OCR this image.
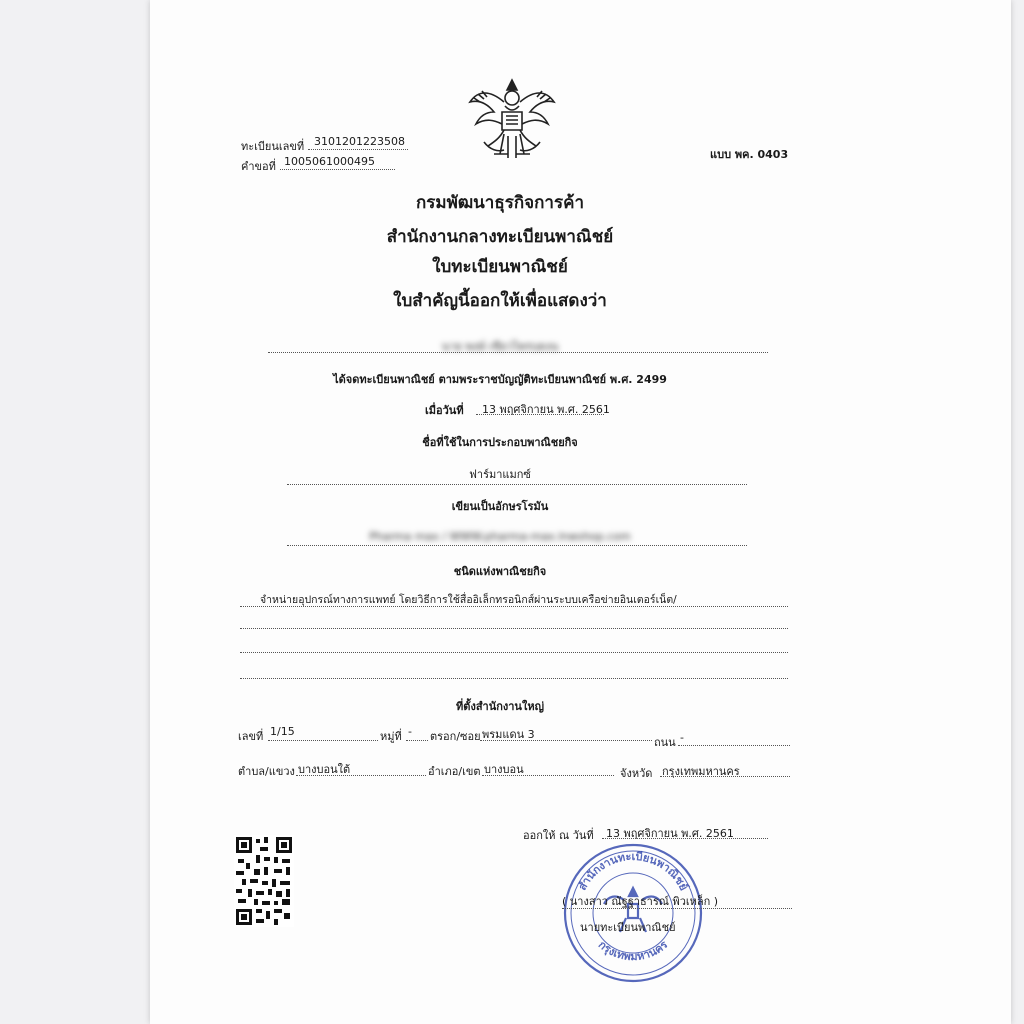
ทะเบียนเลขที่ 3101201223508
คำขอที่ 1005061000495
แบบ พค. 0403
กรมพัฒนาธุรกิจการค้า
สำนักงานกลางทะเบียนพาณิชย์
ใบทะเบียนพาณิชย์
ใบสำคัญนี้ออกให้เพื่อแสดงว่า
นาย พงษ์ เขียวไพรบดงน
ได้จดทะเบียนพาณิชย์ ตามพระราชบัญญัติทะเบียนพาณิชย์ พ.ศ. 2499
เมื่อวันที่ 13 พฤศจิกายน พ.ศ. 2561
ชื่อที่ใช้ในการประกอบพาณิชยกิจ
ฟาร์มาแมกซ์
เขียนเป็นอักษรโรมัน
Pharma max / WWW.pharma-max.lnwshop.com
ชนิดแห่งพาณิชยกิจ
จำหน่ายอุปกรณ์ทางการแพทย์ โดยวิธีการใช้สื่ออิเล็กทรอนิกส์ผ่านระบบเครือข่ายอินเตอร์เน็ต/
ที่ตั้งสำนักงานใหญ่
เลขที่ 1/15	หมู่ที่ - ตรอก/ซอย พรมแดน 3
ถนน -
ตำบล/แขวง บางบอนใต้	อำเภอ/เขต บางบอน	จังหวัด กรุงเทพมหานคร
ออกให้ ณ วันที่ 13 พฤศจิกายน พ.ศ. 2561
สำนักงานทะเบียนพาณิชย์
กรุงเทพมหานคร
( นางสาว ณัฐฐาธารณ์ พิวเหล็ก )
นายทะเบียนพาณิชย์
